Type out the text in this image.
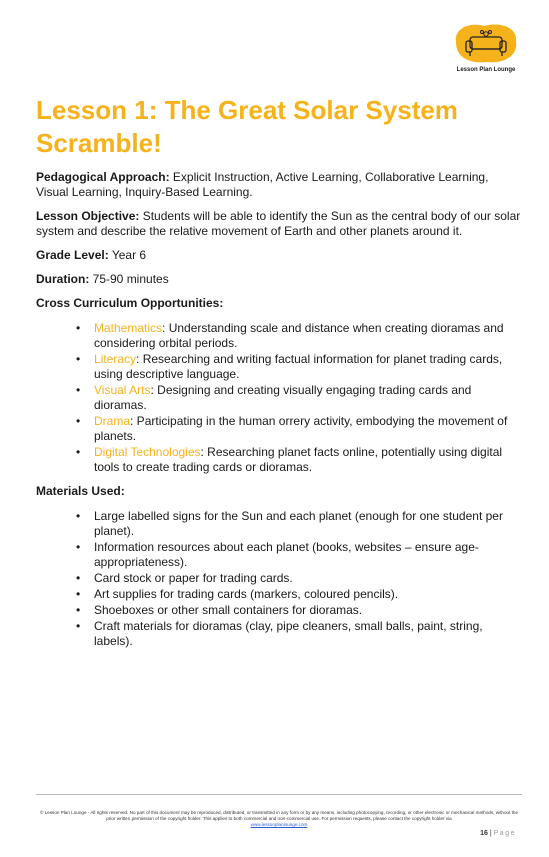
Lesson Plan Lounge
Lesson 1: The Great Solar System Scramble!

Pedagogical Approach: Explicit Instruction, Active Learning, Collaborative Learning, Visual Learning, Inquiry-Based Learning.

Lesson Objective: Students will be able to identify the Sun as the central body of our solar system and describe the relative movement of Earth and other planets around it.

Grade Level: Year 6

Duration: 75-90 minutes

Cross Curriculum Opportunities:

• Mathematics: Understanding scale and distance when creating dioramas and considering orbital periods.
• Literacy: Researching and writing factual information for planet trading cards, using descriptive language.
• Visual Arts: Designing and creating visually engaging trading cards and dioramas.
• Drama: Participating in the human orrery activity, embodying the movement of planets.
• Digital Technologies: Researching planet facts online, potentially using digital tools to create trading cards or dioramas.

Materials Used:

• Large labelled signs for the Sun and each planet (enough for one student per planet).
• Information resources about each planet (books, websites – ensure age-appropriateness).
• Card stock or paper for trading cards.
• Art supplies for trading cards (markers, coloured pencils).
• Shoeboxes or other small containers for dioramas.
• Craft materials for dioramas (clay, pipe cleaners, small balls, paint, string, labels).
© Lesson Plan Lounge - All rights reserved. No part of this document may be reproduced, distributed, or transmitted in any form or by any means, including photocopying, recording, or other electronic or mechanical methods, without the prior written permission of the copyright holder. This applies to both commercial and non-commercial use. For permission requests, please contact the copyright holder via
www.lessonplanlounge.com
16 | Page
